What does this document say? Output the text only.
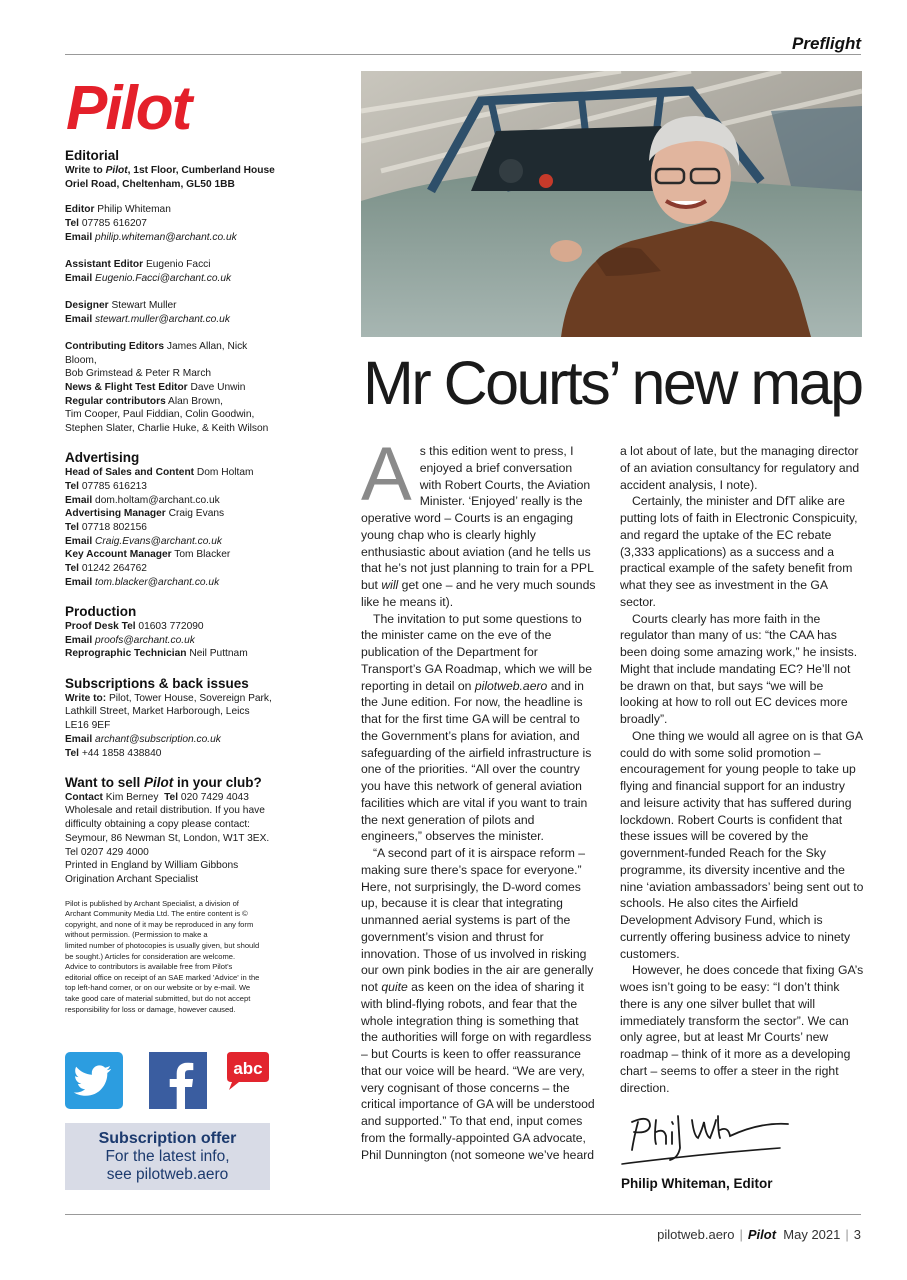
Preflight
Pilot
Editorial
Write to Pilot, 1st Floor, Cumberland House
Oriel Road, Cheltenham, GL50 1BB
Editor Philip Whiteman
Tel 07785 616207
Email philip.whiteman@archant.co.uk
Assistant Editor Eugenio Facci
Email Eugenio.Facci@archant.co.uk
Designer Stewart Muller
Email stewart.muller@archant.co.uk
Contributing Editors James Allan, Nick Bloom,
Bob Grimstead & Peter R March
News & Flight Test Editor Dave Unwin
Regular contributors Alan Brown,
Tim Cooper, Paul Fiddian, Colin Goodwin,
Stephen Slater, Charlie Huke, & Keith Wilson
Advertising
Head of Sales and Content Dom Holtam
Tel 07785 616213
Email dom.holtam@archant.co.uk
Advertising Manager Craig Evans
Tel 07718 802156
Email Craig.Evans@archant.co.uk
Key Account Manager Tom Blacker
Tel 01242 264762
Email tom.blacker@archant.co.uk
Production
Proof Desk Tel 01603 772090
Email proofs@archant.co.uk
Reprographic Technician Neil Puttnam
Subscriptions & back issues
Write to: Pilot, Tower House, Sovereign Park,
Lathkill Street, Market Harborough, Leics
LE16 9EF
Email archant@subscription.co.uk
Tel +44 1858 438840
Want to sell Pilot in your club?
Contact Kim Berney Tel 020 7429 4043
Wholesale and retail distribution. If you have
difficulty obtaining a copy please contact:
Seymour, 86 Newman St, London, W1T 3EX.
Tel 0207 429 4000
Printed in England by William Gibbons
Origination Archant Specialist
Pilot is published by Archant Specialist, a division of
Archant Community Media Ltd. The entire content is ©
copyright, and none of it may be reproduced in any form
without permission. (Permission to make a
limited number of photocopies is usually given, but should
be sought.) Articles for consideration are welcome.
Advice to contributors is available free from Pilot's
editorial office on receipt of an SAE marked 'Advice' in the
top left-hand corner, or on our website or by e-mail. We
take good care of material submitted, but do not accept
responsibility for loss or damage, however caused.
abc
Subscription offer
For the latest info,
see pilotweb.aero
Mr Courts’ new map

As this edition went to press, I enjoyed a brief conversation with Robert Courts, the Aviation Minister. ‘Enjoyed’ really is the operative word – Courts is an engaging young chap who is clearly highly enthusiastic about aviation (and he tells us that he’s not just planning to train for a PPL but will get one – and he very much sounds like he means it).

The invitation to put some questions to the minister came on the eve of the publication of the Department for Transport’s GA Roadmap, which we will be reporting in detail on pilotweb.aero and in the June edition. For now, the headline is that for the first time GA will be central to the Government’s plans for aviation, and safeguarding of the airfield infrastructure is one of the priorities. “All over the country you have this network of general aviation facilities which are vital if you want to train the next generation of pilots and engineers,” observes the minister.

“A second part of it is airspace reform – making sure there’s space for everyone.” Here, not surprisingly, the D-word comes up, because it is clear that integrating unmanned aerial systems is part of the government’s vision and thrust for innovation. Those of us involved in risking our own pink bodies in the air are generally not quite as keen on the idea of sharing it with blind-flying robots, and fear that the whole integration thing is something that the authorities will forge on with regardless – but Courts is keen to offer reassurance that our voice will be heard. “We are very, very cognisant of those concerns – the critical importance of GA will be understood and supported.” To that end, input comes from the formally-appointed GA advocate, Phil Dunnington (not someone we’ve heard

a lot about of late, but the managing director of an aviation consultancy for regulatory and accident analysis, I note).

Certainly, the minister and DfT alike are putting lots of faith in Electronic Conspicuity, and regard the uptake of the EC rebate (3,333 applications) as a success and a practical example of the safety benefit from what they see as investment in the GA sector.

Courts clearly has more faith in the regulator than many of us: “the CAA has been doing some amazing work,” he insists. Might that include mandating EC? He’ll not be drawn on that, but says “we will be looking at how to roll out EC devices more broadly”.

One thing we would all agree on is that GA could do with some solid promotion – encouragement for young people to take up flying and financial support for an industry and leisure activity that has suffered during lockdown. Robert Courts is confident that these issues will be covered by the government-funded Reach for the Sky programme, its diversity incentive and the nine ‘aviation ambassadors’ being sent out to schools. He also cites the Airfield Development Advisory Fund, which is currently offering business advice to ninety customers.

However, he does concede that fixing GA’s woes isn’t going to be easy: “I don’t think there is any one silver bullet that will immediately transform the sector”. We can only agree, but at least Mr Courts’ new roadmap – think of it more as a developing chart – seems to offer a steer in the right direction.

Philip Whiteman, Editor
pilotweb.aero | Pilot May 2021 | 3
